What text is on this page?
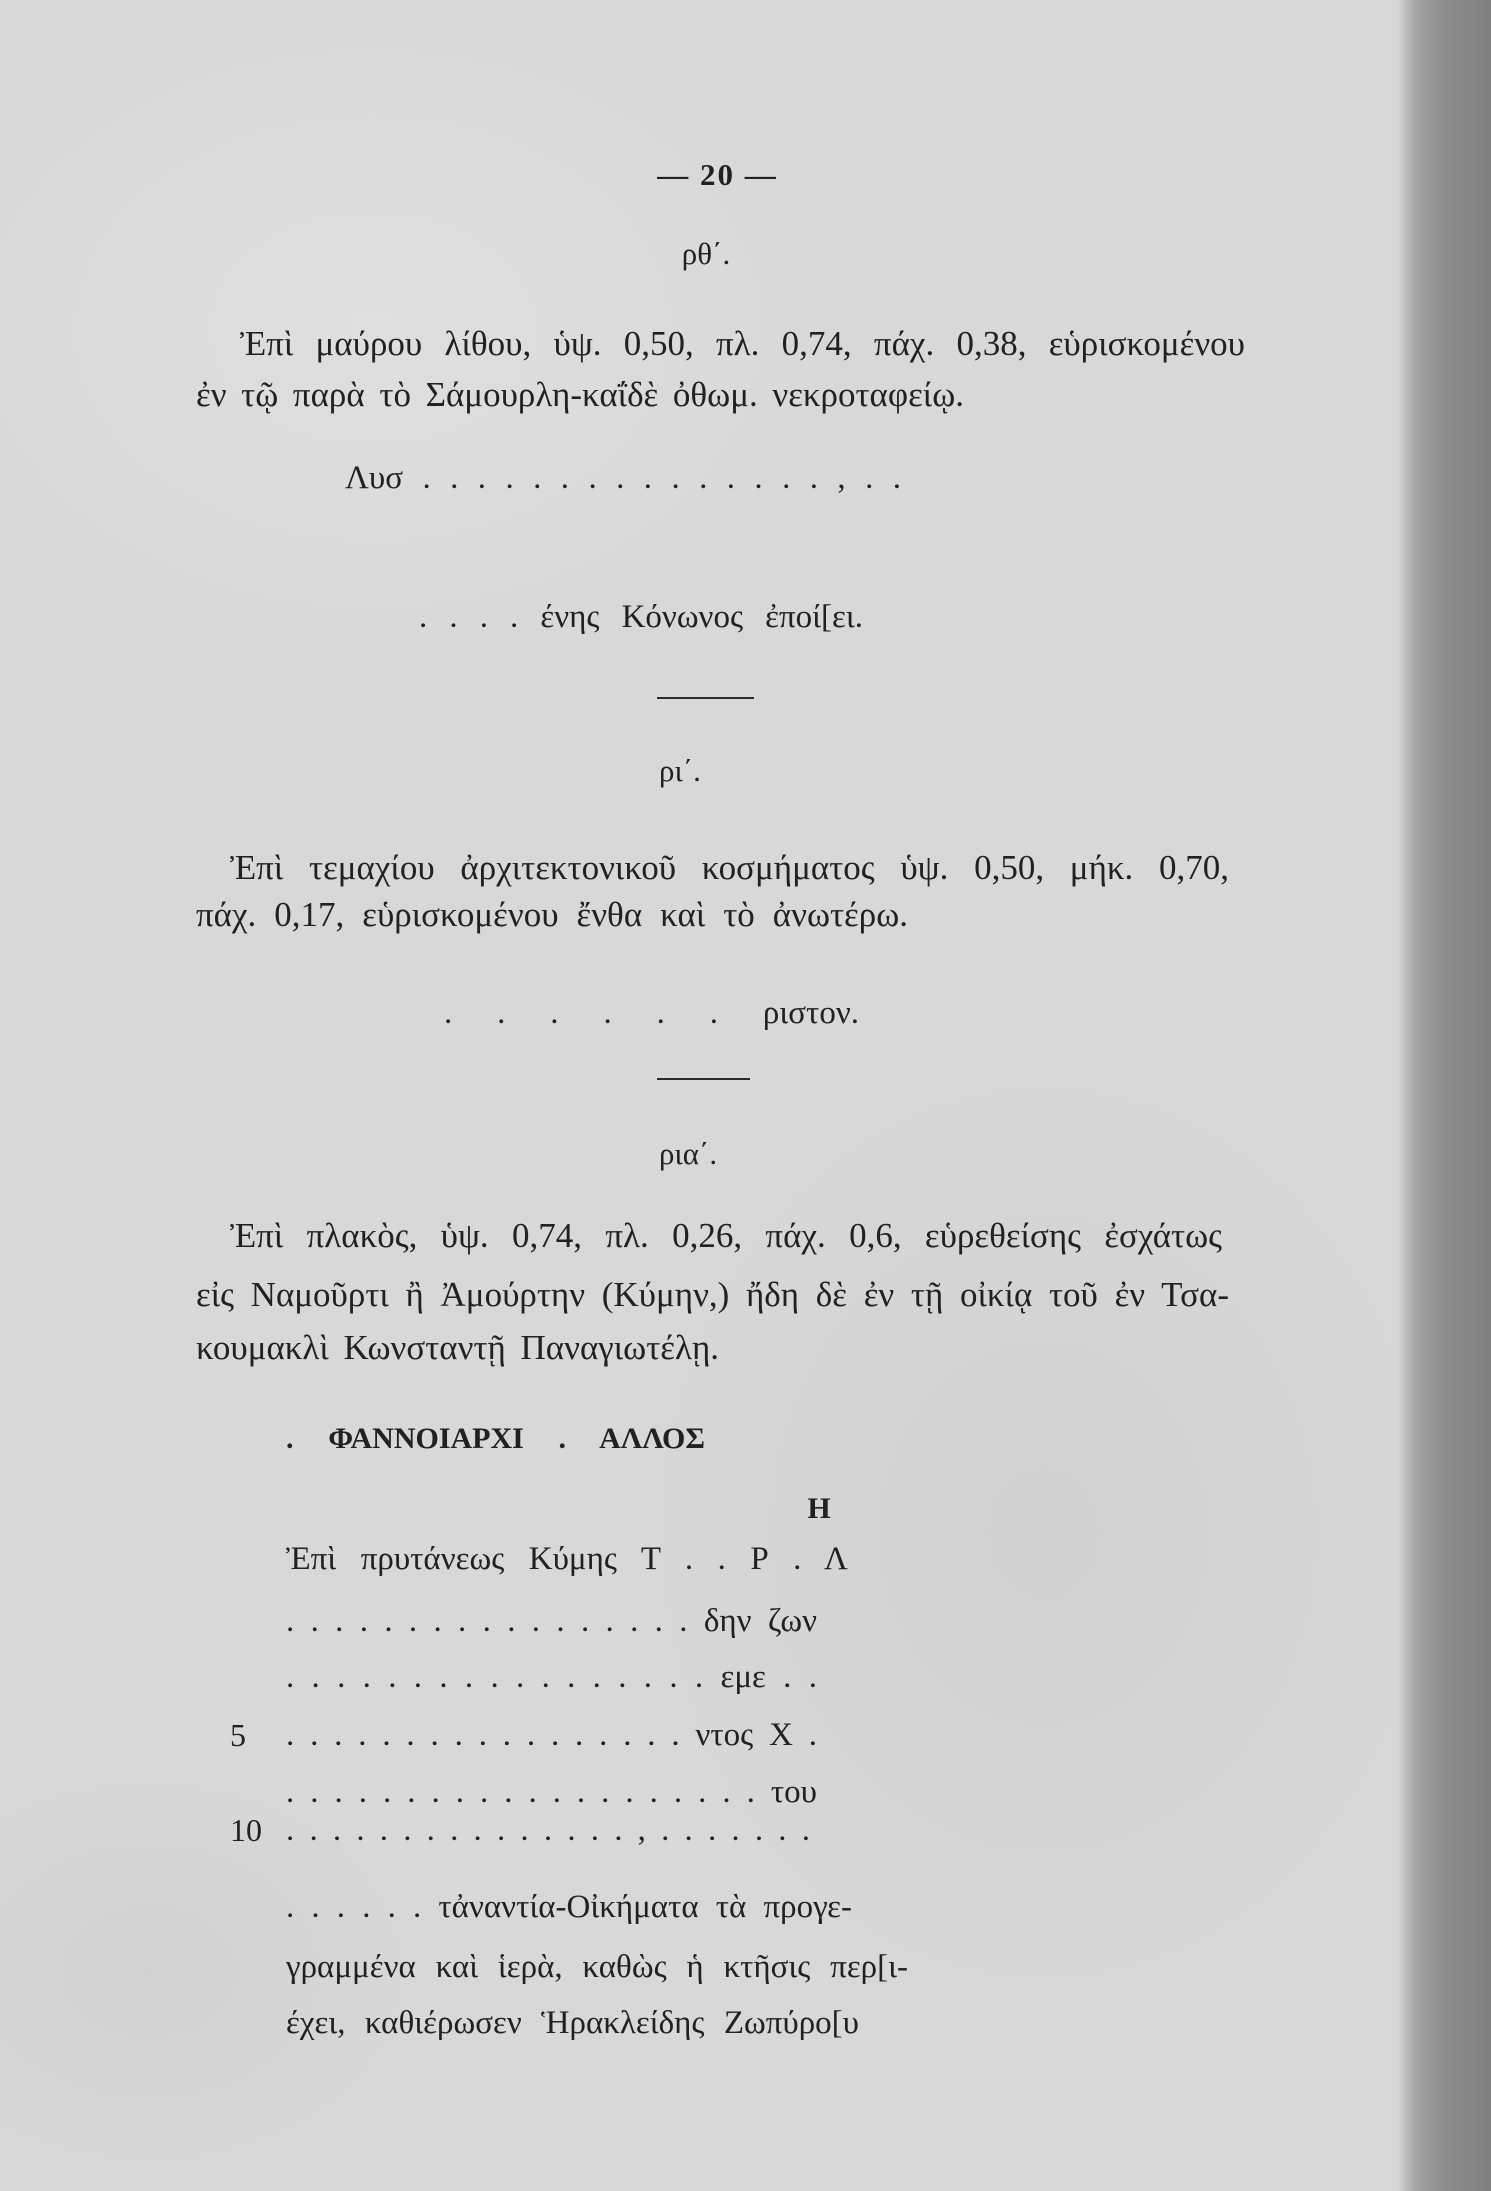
— 20 —
ρθ΄.
Ἐπὶ μαύρου λίθου, ὑψ. 0,50, πλ. 0,74, πάχ. 0,38, εὑρισκομένου
ἐν τῷ παρὰ τὸ Σάμουρλη-καΐδὲ ὀθωμ. νεκροταφείῳ.
Λυσ . . . . . . . . . . . . . . . , . .
. . . . ένης Κόνωνος ἐποί[ει.
ρι΄.
Ἐπὶ τεμαχίου ἀρχιτεκτονικοῦ κοσμήματος ὑψ. 0,50, μήκ. 0,70,
πάχ. 0,17, εὑρισκομένου ἔνθα καὶ τὸ ἀνωτέρω.
. . . . . . ριστον.
ρια΄.
Ἐπὶ πλακὸς, ὑψ. 0,74, πλ. 0,26, πάχ. 0,6, εὑρεθείσης ἐσχάτως
εἰς Ναμοῦρτι ἢ Ἀμούρτην (Κύμην,) ἤδη δὲ ἐν τῇ οἰκίᾳ τοῦ ἐν Τσα-
κουμακλὶ Κωνσταντῇ Παναγιωτέλῃ.
. ΦΑΝΝΟΙΑΡΧΙ . ΑΛΛΟΣ
Η
Ἐπὶ πρυτάνεως Κύμης Τ . . Ρ . Λ
. . . . . . . . . . . . . . . . . δην ζων
. . . . . . . . . . . . . . . . . εμε . .
5 . . . . . . . . . . . . . . . . . ντος Χ .
. . . . . . . . . . . . . . . . . . . . του
10 . . . . . . . . . . . . . . . , . . . . . . .
. . . . . . τἀναντία-Οἰκήματα τὰ προγε-
γραμμένα καὶ ἱερὰ, καθὼς ἡ κτῆσις περ[ι-
έχει, καθιέρωσεν Ἡρακλείδης Ζωπύρο[υ
